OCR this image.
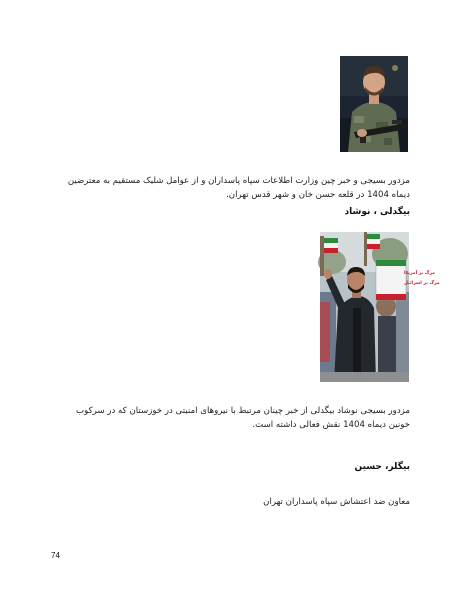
مزدور بسیجی و خبر چین وزارت اطلاعات سپاه پاسداران و از عوامل شلیک مستقیم به معترضین دیماه 1404 در قلعه حسن خان و شهر قدس تهران.

بیگدلی ، نوشاد
مرگ بر آمریکا
مرگ بر اسرائیل

مزدور بسیجی نوشاد بیگدلی از خبر چینان مرتبط با نیروهای امنیتی در خوزستان که در سرکوب خونین دیماه 1404 نقش فعالی داشته است.

بیگلر، حسین

معاون ضد اعتشاش سپاه پاسداران تهران

74
